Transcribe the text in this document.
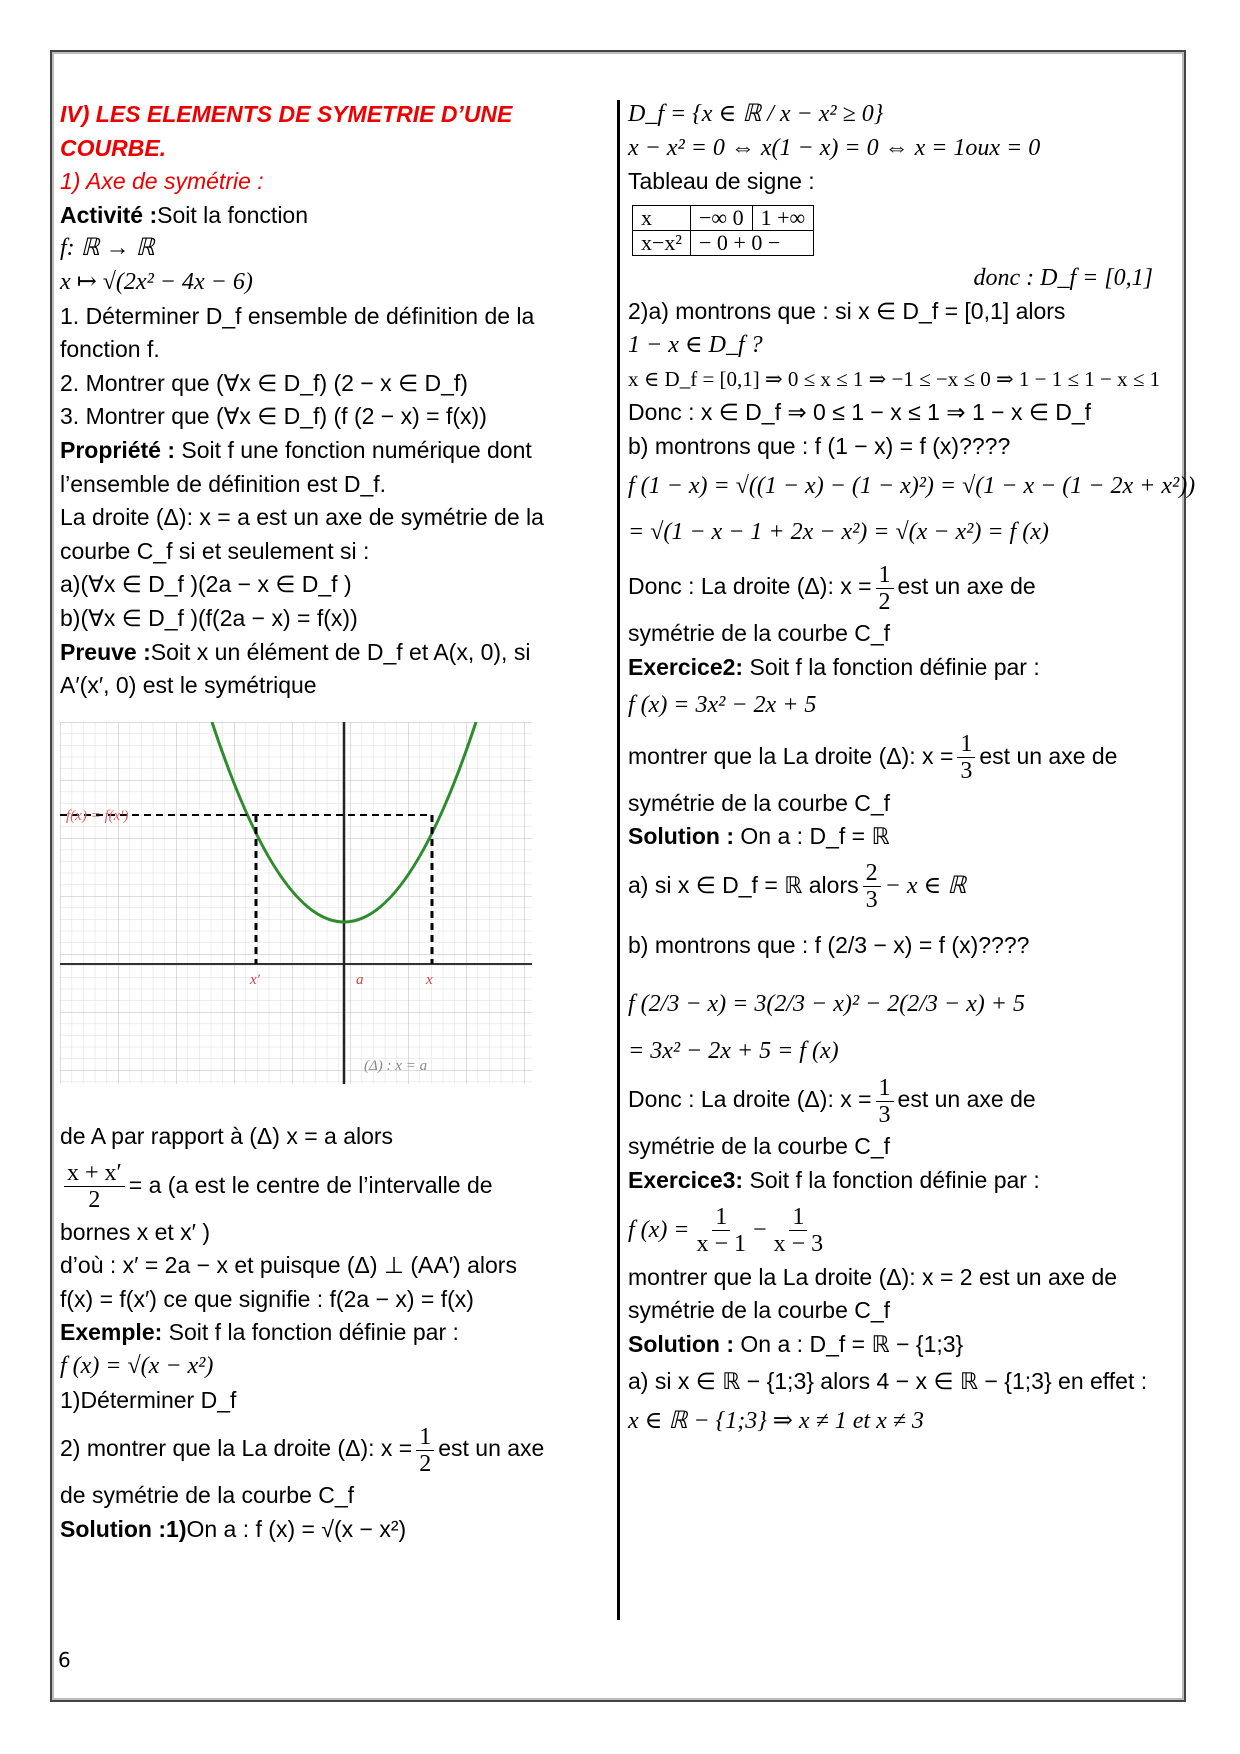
IV) LES ELEMENTS DE SYMETRIE D’UNE
COURBE.
1) Axe de symétrie :
Activité :Soit la fonction
f: ℝ → ℝ
x ↦ √(2x² − 4x − 6)
1. Déterminer D_f ensemble de définition de la
fonction f.
2. Montrer que (∀x ∈ D_f) (2 − x ∈ D_f)
3. Montrer que (∀x ∈ D_f) (f (2 − x) = f(x))
Propriété : Soit f une fonction numérique dont
l’ensemble de définition est D_f.
La droite (Δ): x = a est un axe de symétrie de la
courbe C_f si et seulement si :
a)(∀x ∈ D_f )(2a − x ∈ D_f )
b)(∀x ∈ D_f )(f(2a − x) = f(x))
Preuve :Soit x un élément de D_f et A(x, 0), si
A′(x′, 0) est le symétrique
f(x) = f(x′)
x′	a	x
(Δ) : x = a
de A par rapport à (Δ) x = a alors
$\frac{x + x'}{2} = a$ (a est le centre de l’intervalle de
bornes x et x′ )
d’où : x′ = 2a − x et puisque (Δ) ⊥ (AA′) alors
f(x) = f(x′) ce que signifie : f(2a − x) = f(x)
Exemple: Soit f la fonction définie par :
f (x) = √(x − x²)
1)Déterminer D_f
2) montrer que la La droite (Δ): $x = \frac{1}{2}$ est un axe
de symétrie de la courbe C_f
Solution :1)On a : f (x) = √(x − x²)
D_f = {x ∈ ℝ / x − x² ≥ 0}
x − x² = 0 ⇔ x(1 − x) = 0 ⇔ x = 1oux = 0
Tableau de signe :
x	−∞ 0	1 +∞
x−x²	− 0 + 0 −	
donc : D_f = [0,1]
2)a) montrons que : si x ∈ D_f = [0,1] alors
1 − x ∈ D_f ?
x ∈ D_f = [0,1] ⇒ 0 ≤ x ≤ 1 ⇒ −1 ≤ −x ≤ 0 ⇒ 1 − 1 ≤ 1 − x ≤ 1
Donc : x ∈ D_f ⇒ 0 ≤ 1 − x ≤ 1 ⇒ 1 − x ∈ D_f
b) montrons que : f (1 − x) = f (x)????
f (1 − x) = √((1 − x) − (1 − x)²) = √(1 − x − (1 − 2x + x²))
= √(1 − x − 1 + 2x − x²) = √(x − x²) = f (x)
Donc : La droite (Δ): $x = \frac{1}{2}$ est un axe de
symétrie de la courbe C_f
Exercice2: Soit f la fonction définie par :
f (x) = 3x² − 2x + 5
montrer que la La droite (Δ): $x = \frac{1}{3}$ est un axe de
symétrie de la courbe C_f
Solution : On a : D_f = ℝ
a) si x ∈ D_f = ℝ alors $\frac{2}{3} - x$ ∈ ℝ
b) montrons que : f (2/3 − x) = f (x)????
f (2/3 − x) = 3(2/3 − x)² − 2(2/3 − x) + 5
= 3x² − 2x + 5 = f (x)
Donc : La droite (Δ): $x = \frac{1}{3}$ est un axe de
symétrie de la courbe C_f
Exercice3: Soit f la fonction définie par :
f $(x) = \frac{1}{x - 1} - \frac{1}{x - 3}$
montrer que la La droite (Δ): x = 2 est un axe de
symétrie de la courbe C_f
Solution : On a : D_f = ℝ − {1;3}
a) si x ∈ ℝ − {1;3} alors 4 − x ∈ ℝ − {1;3} en effet :
x ∈ ℝ − {1;3} ⇒ x ≠ 1 et x ≠ 3
6
